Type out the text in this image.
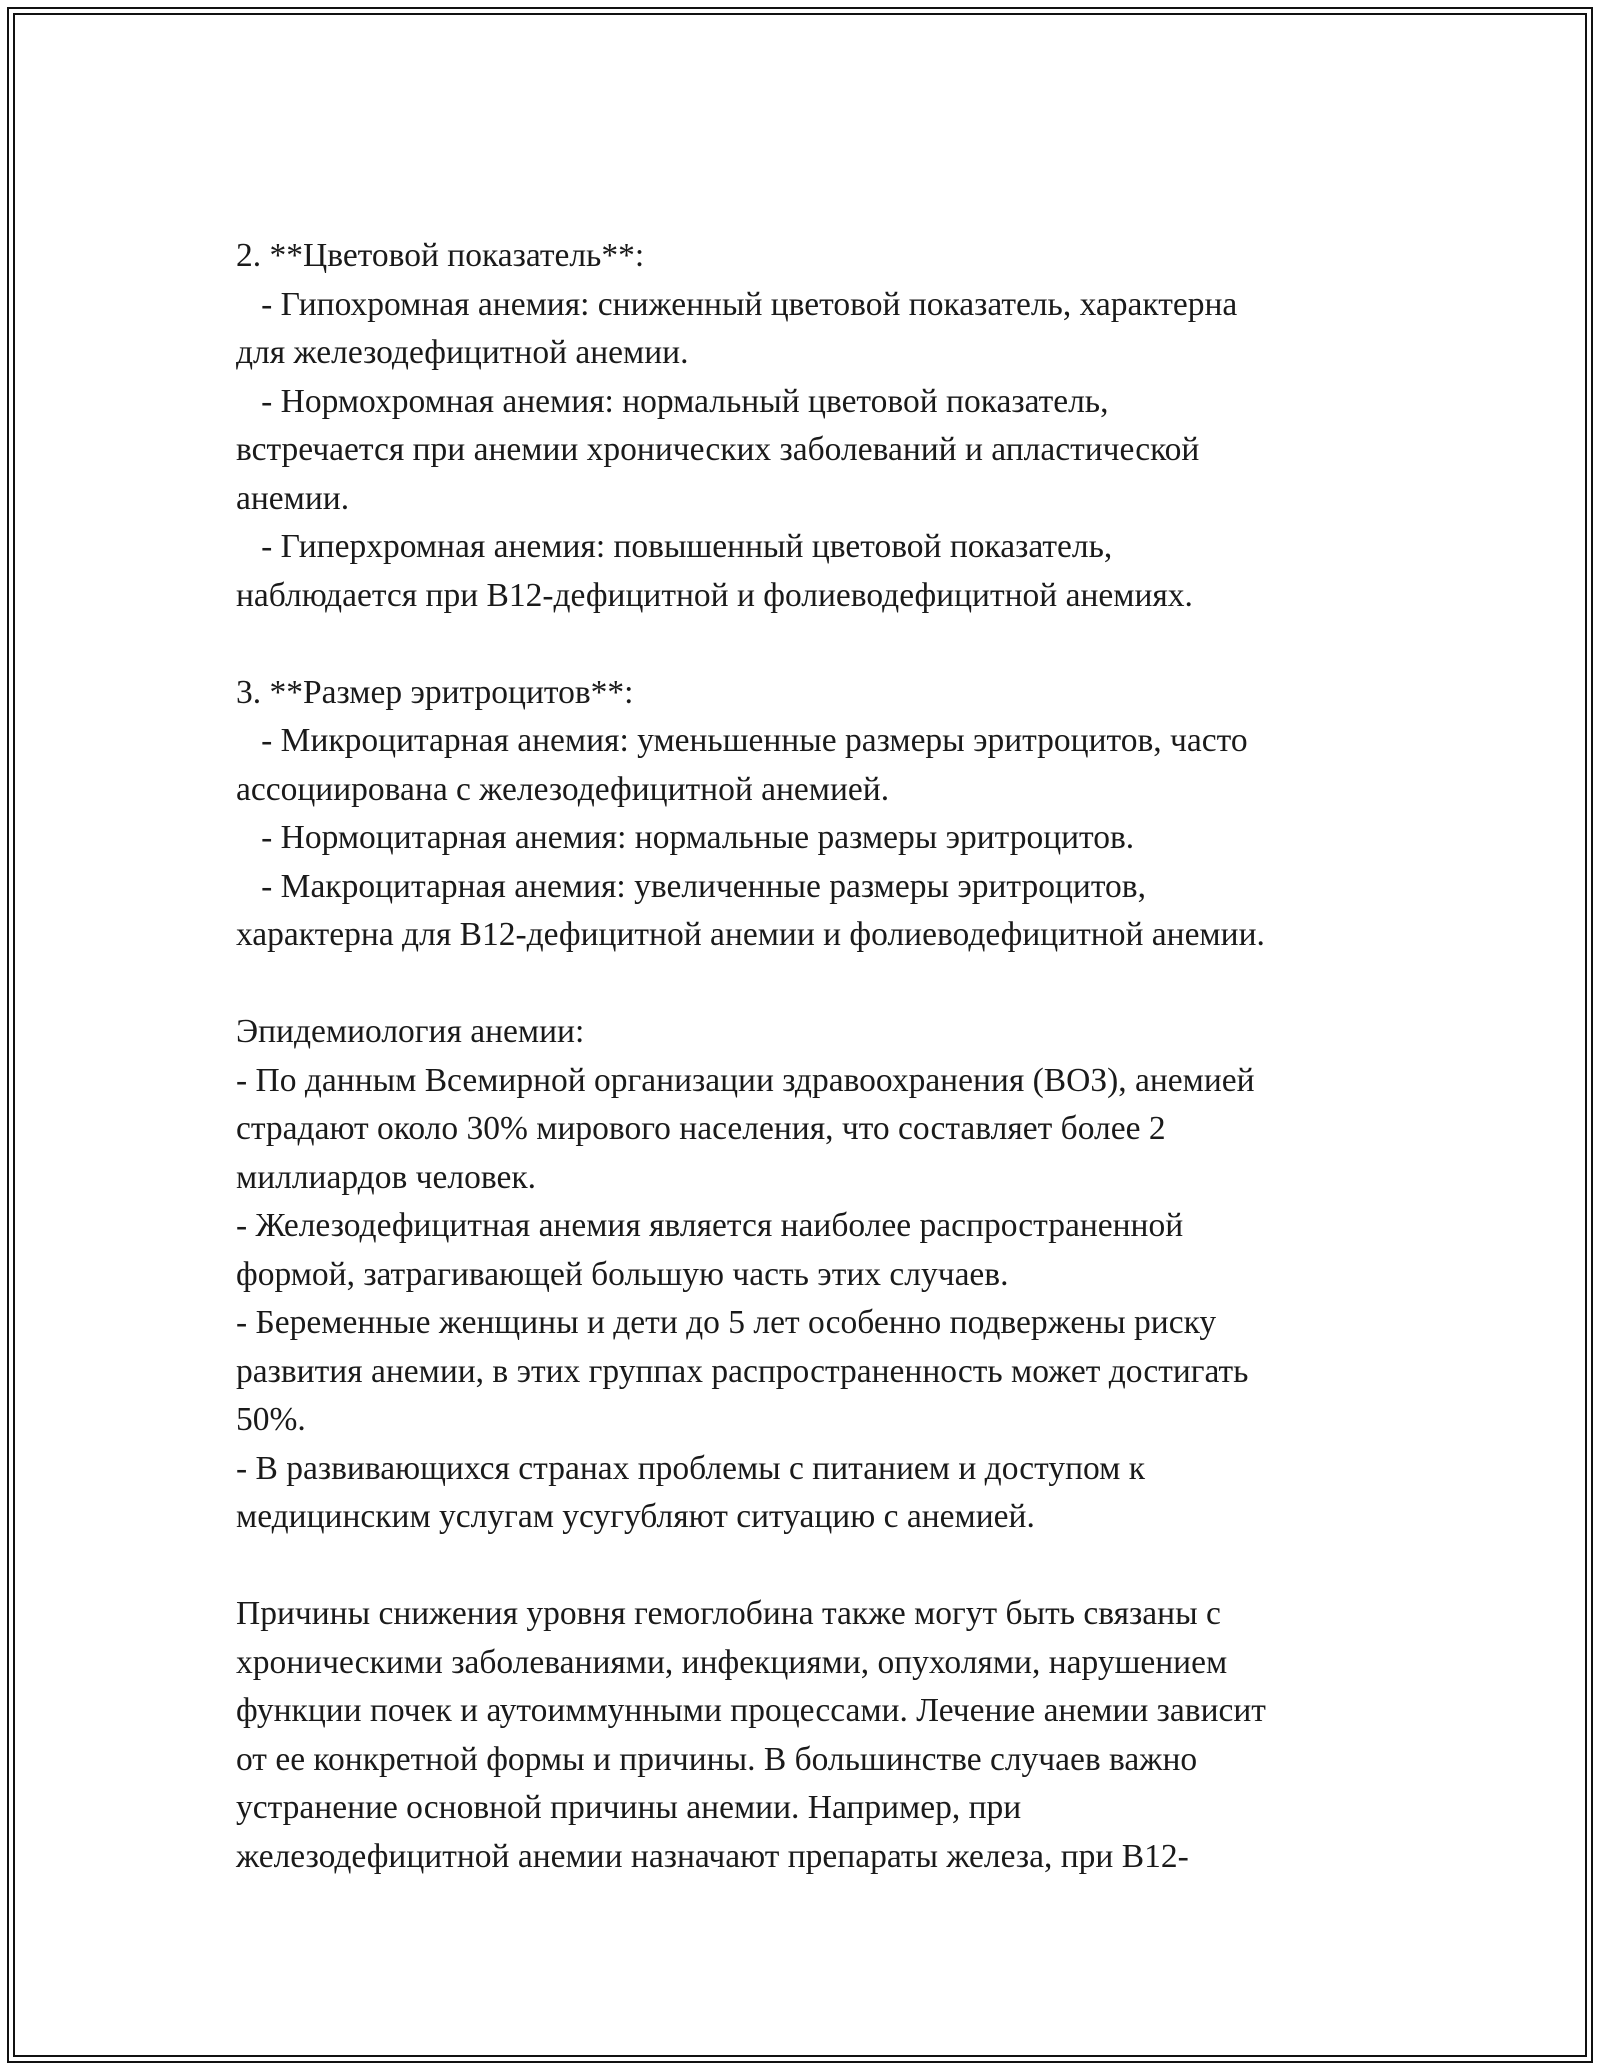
2. **Цветовой показатель**:
- Гипохромная анемия: сниженный цветовой показатель, характерна
для железодефицитной анемии.
- Нормохромная анемия: нормальный цветовой показатель,
встречается при анемии хронических заболеваний и апластической
анемии.
- Гиперхромная анемия: повышенный цветовой показатель,
наблюдается при B12-дефицитной и фолиеводефицитной анемиях.
3. **Размер эритроцитов**:
- Микроцитарная анемия: уменьшенные размеры эритроцитов, часто
ассоциирована с железодефицитной анемией.
- Нормоцитарная анемия: нормальные размеры эритроцитов.
- Макроцитарная анемия: увеличенные размеры эритроцитов,
характерна для B12-дефицитной анемии и фолиеводефицитной анемии.
Эпидемиология анемии:
- По данным Всемирной организации здравоохранения (ВОЗ), анемией
страдают около 30% мирового населения, что составляет более 2
миллиардов человек.
- Железодефицитная анемия является наиболее распространенной
формой, затрагивающей большую часть этих случаев.
- Беременные женщины и дети до 5 лет особенно подвержены риску
развития анемии, в этих группах распространенность может достигать
50%.
- В развивающихся странах проблемы с питанием и доступом к
медицинским услугам усугубляют ситуацию с анемией.
Причины снижения уровня гемоглобина также могут быть связаны с
хроническими заболеваниями, инфекциями, опухолями, нарушением
функции почек и аутоиммунными процессами. Лечение анемии зависит
от ее конкретной формы и причины. В большинстве случаев важно
устранение основной причины анемии. Например, при
железодефицитной анемии назначают препараты железа, при B12-
